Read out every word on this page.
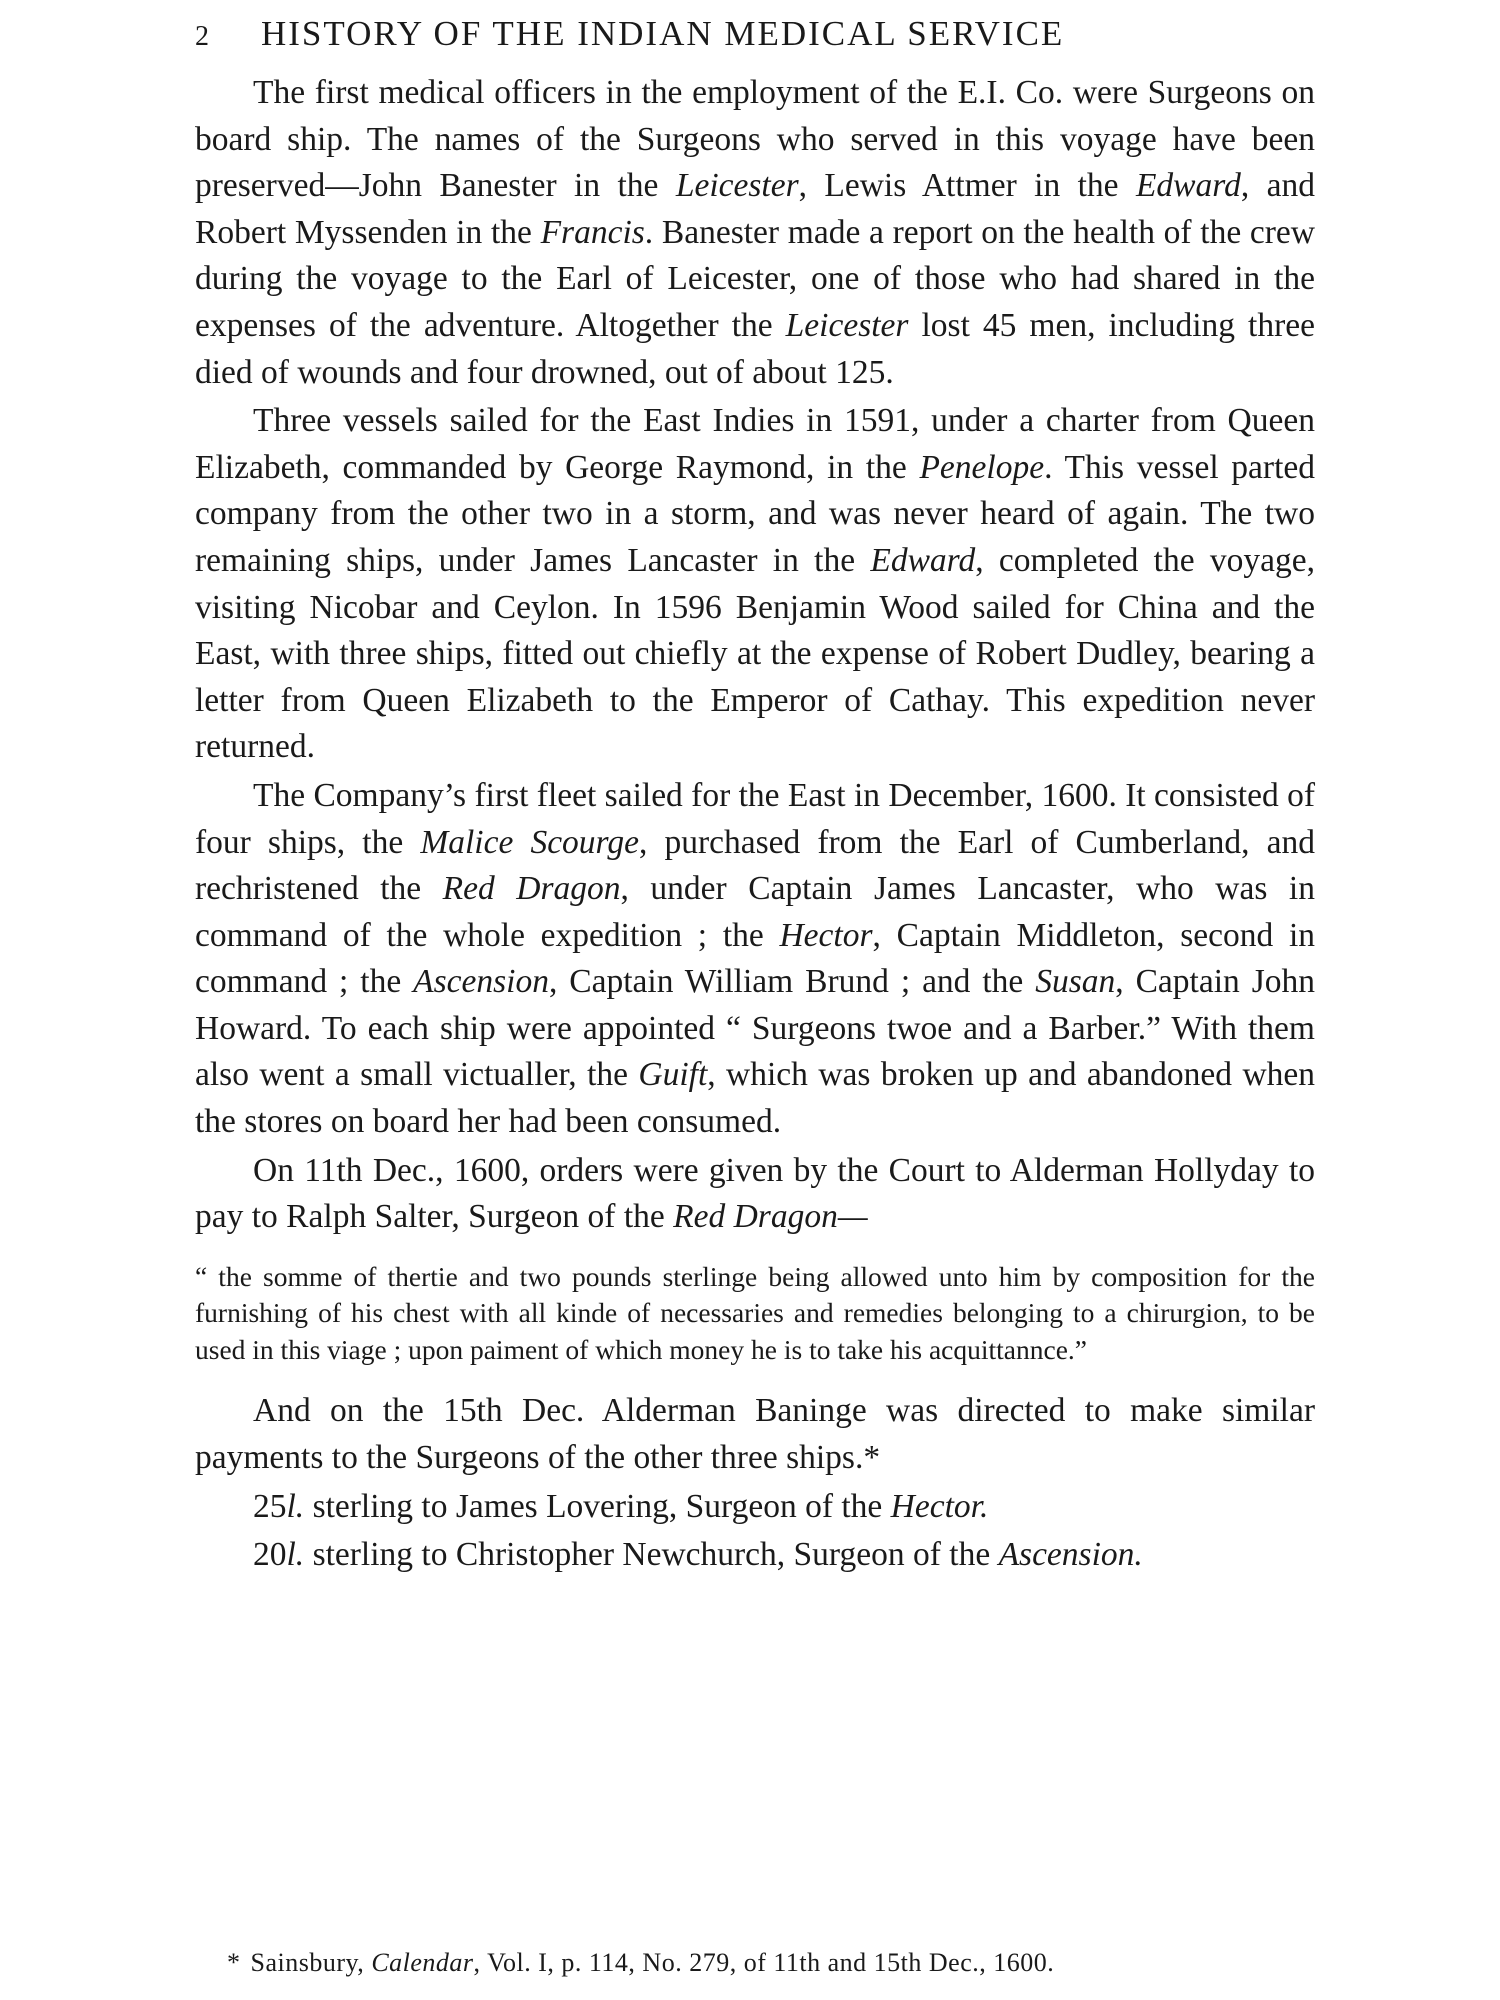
2 HISTORY OF THE INDIAN MEDICAL SERVICE

The first medical officers in the employment of the E.I. Co. were Surgeons on board ship. The names of the Surgeons who served in this voyage have been preserved—John Banester in the Leicester, Lewis Attmer in the Edward, and Robert Myssenden in the Francis. Banester made a report on the health of the crew during the voyage to the Earl of Leicester, one of those who had shared in the expenses of the adventure. Altogether the Leicester lost 45 men, including three died of wounds and four drowned, out of about 125.

Three vessels sailed for the East Indies in 1591, under a charter from Queen Elizabeth, commanded by George Raymond, in the Penelope. This vessel parted company from the other two in a storm, and was never heard of again. The two remaining ships, under James Lancaster in the Edward, completed the voyage, visiting Nicobar and Ceylon. In 1596 Benjamin Wood sailed for China and the East, with three ships, fitted out chiefly at the expense of Robert Dudley, bearing a letter from Queen Elizabeth to the Emperor of Cathay. This expedition never returned.

The Company’s first fleet sailed for the East in December, 1600. It consisted of four ships, the Malice Scourge, purchased from the Earl of Cumberland, and rechristened the Red Dragon, under Captain James Lancaster, who was in command of the whole expedition ; the Hector, Captain Middleton, second in command ; the Ascension, Captain William Brund ; and the Susan, Captain John Howard. To each ship were appointed “ Surgeons twoe and a Barber.” With them also went a small victualler, the Guift, which was broken up and abandoned when the stores on board her had been consumed.

On 11th Dec., 1600, orders were given by the Court to Alderman Hollyday to pay to Ralph Salter, Surgeon of the Red Dragon—

“ the somme of thertie and two pounds sterlinge being allowed unto him by composition for the furnishing of his chest with all kinde of necessaries and remedies belonging to a chirurgion, to be used in this viage ; upon paiment of which money he is to take his acquittannce.”

And on the 15th Dec. Alderman Baninge was directed to make similar payments to the Surgeons of the other three ships.*

25l. sterling to James Lovering, Surgeon of the Hector.

20l. sterling to Christopher Newchurch, Surgeon of the Ascension.

* Sainsbury, Calendar, Vol. I, p. 114, No. 279, of 11th and 15th Dec., 1600.
